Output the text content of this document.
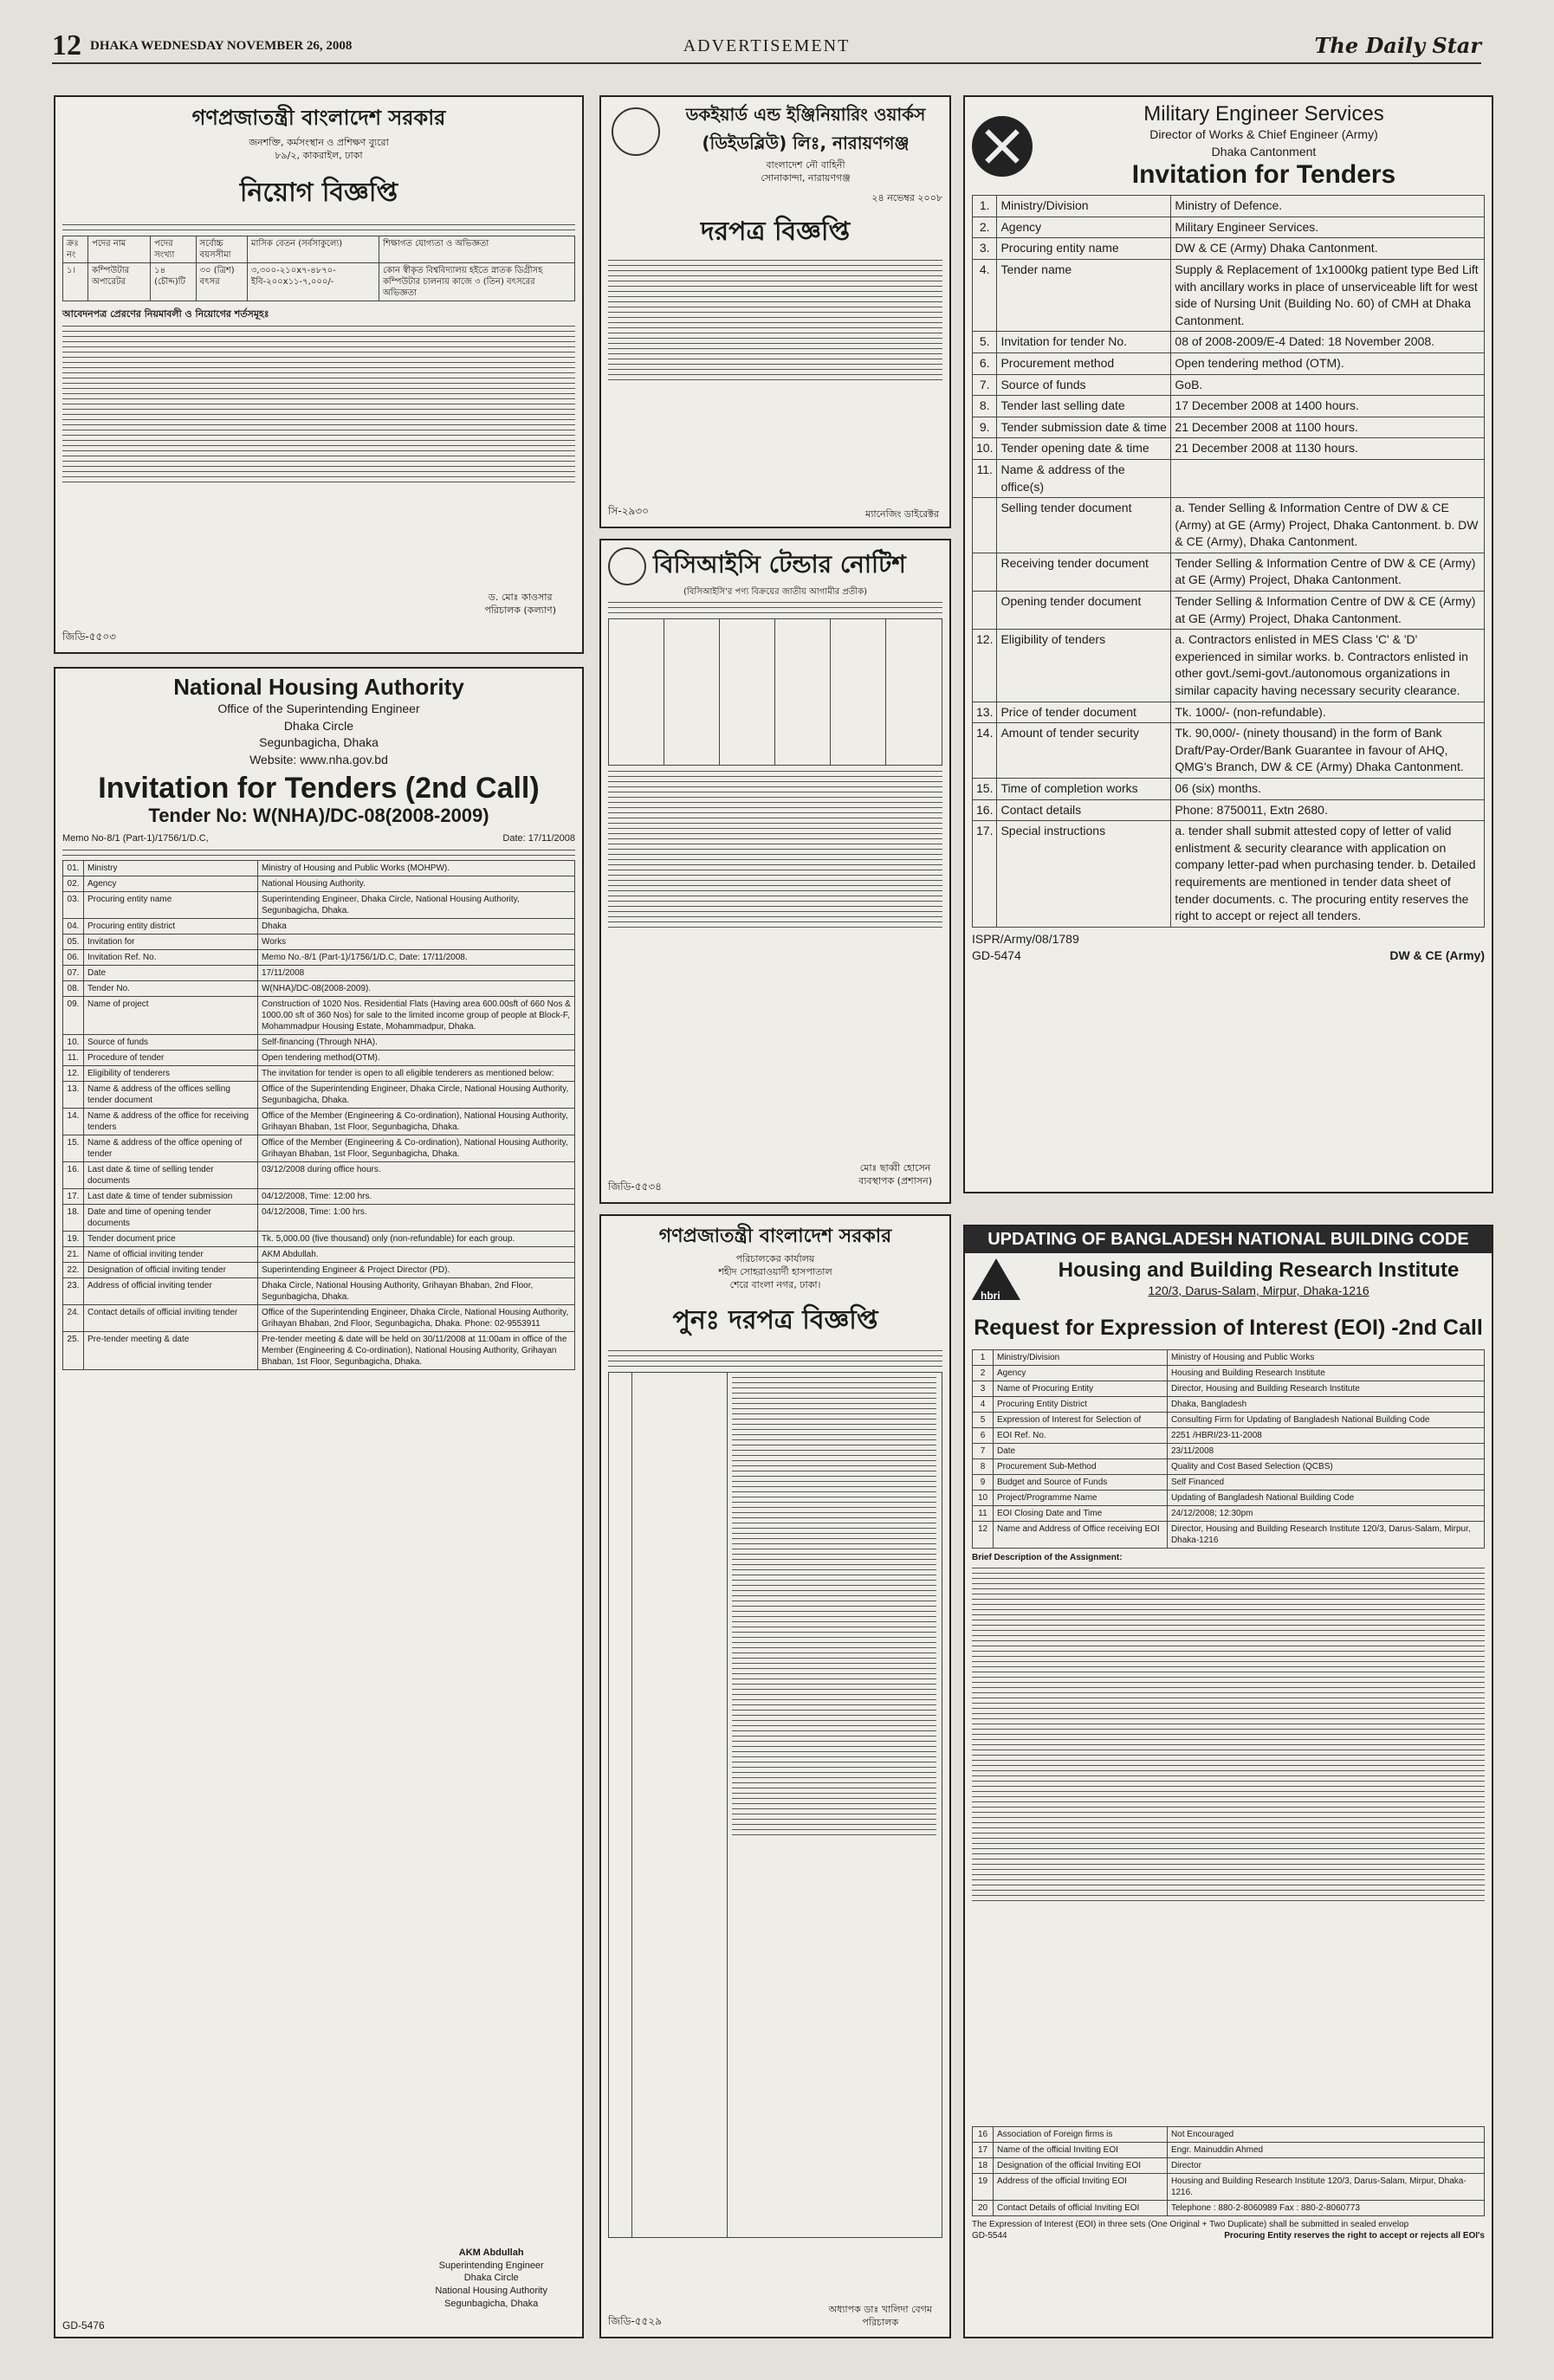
12 DHAKA WEDNESDAY NOVEMBER 26, 2008	ADVERTISEMENT	The Daily Star
গণপ্রজাতন্ত্রী বাংলাদেশ সরকার
জনশক্তি, কর্মসংস্থান ও প্রশিক্ষণ ব্যুরো
৮৯/২, কাকরাইল, ঢাকা
নিয়োগ বিজ্ঞপ্তি
ক্রঃ নং	পদের নাম	পদের সংখ্যা	সর্বোচ্চ বয়সসীমা	মাসিক বেতন (সর্বসাকুল্যে)	শিক্ষাগত যোগ্যতা ও অভিজ্ঞতা
১।	কম্পিউটার অপারেটর	১৪ (চৌদ্দ)টি	৩০ (ত্রিশ) বৎসর	৩,৩০০-২১০x৭-৪৮৭০-ইবি-২০০x১১-৭,০০০/-	কোন স্বীকৃত বিশ্ববিদ্যালয় হইতে স্নাতক ডিগ্রীসহ কম্পিউটার চালনায় কাজে ৩ (তিন) বৎসরের অভিজ্ঞতা
আবেদনপত্র প্রেরণের নিয়মাবলী ও নিয়োগের শর্তসমূহঃ
ড. মোঃ কাওসার
পরিচালক (কল্যাণ)
জিডি-৫৫০৩
National Housing Authority
Office of the Superintending Engineer
Dhaka Circle
Segunbagicha, Dhaka
Website: www.nha.gov.bd
Invitation for Tenders (2nd Call)
Tender No: W(NHA)/DC-08(2008-2009)
Memo No-8/1 (Part-1)/1756/1/D.C,	Date: 17/11/2008
01.	Ministry	Ministry of Housing and Public Works (MOHPW).
02.	Agency	National Housing Authority.
03.	Procuring entity name	Superintending Engineer, Dhaka Circle, National Housing Authority, Segunbagicha, Dhaka.
04.	Procuring entity district	Dhaka
05.	Invitation for	Works
06.	Invitation Ref. No.	Memo No.-8/1 (Part-1)/1756/1/D.C, Date: 17/11/2008.
07.	Date	17/11/2008
08.	Tender No.	W(NHA)/DC-08(2008-2009).
09.	Name of project	Construction of 1020 Nos. Residential Flats (Having area 600.00sft of 660 Nos & 1000.00 sft of 360 Nos) for sale to the limited income group of people at Block-F, Mohammadpur Housing Estate, Mohammadpur, Dhaka.
10.	Source of funds	Self-financing (Through NHA).
11.	Procedure of tender	Open tendering method(OTM).
12.	Eligibility of tenderers	The invitation for tender is open to all eligible tenderers as mentioned below:
13.	Name & address of the offices selling tender document	Office of the Superintending Engineer, Dhaka Circle, National Housing Authority, Segunbagicha, Dhaka.
14.	Name & address of the office for receiving tenders	Office of the Member (Engineering & Co-ordination), National Housing Authority, Grihayan Bhaban, 1st Floor, Segunbagicha, Dhaka.
15.	Name & address of the office opening of tender	Office of the Member (Engineering & Co-ordination), National Housing Authority, Grihayan Bhaban, 1st Floor, Segunbagicha, Dhaka.
16.	Last date & time of selling tender documents	03/12/2008 during office hours.
17.	Last date & time of tender submission	04/12/2008, Time: 12:00 hrs.
18.	Date and time of opening tender documents	04/12/2008, Time: 1:00 hrs.
19.	Tender document price	Tk. 5,000.00 (five thousand) only (non-refundable) for each group.
21.	Name of official inviting tender	AKM Abdullah.
22.	Designation of official inviting tender	Superintending Engineer & Project Director (PD).
23.	Address of official inviting tender	Dhaka Circle, National Housing Authority, Grihayan Bhaban, 2nd Floor, Segunbagicha, Dhaka.
24.	Contact details of official inviting tender	Office of the Superintending Engineer, Dhaka Circle, National Housing Authority, Grihayan Bhaban, 2nd Floor, Segunbagicha, Dhaka. Phone: 02-9553911
25.	Pre-tender meeting & date	Pre-tender meeting & date will be held on 30/11/2008 at 11:00am in office of the Member (Engineering & Co-ordination), National Housing Authority, Grihayan Bhaban, 1st Floor, Segunbagicha, Dhaka.
AKM Abdullah
Superintending Engineer
Dhaka Circle
National Housing Authority
Segunbagicha, Dhaka
GD-5476
ডকইয়ার্ড এন্ড ইঞ্জিনিয়ারিং ওয়ার্কস
(ডিইডব্লিউ) লিঃ, নারায়ণগঞ্জ
বাংলাদেশ নৌ বাহিনী
সোনাকান্দা, নারায়ণগঞ্জ
২৪ নভেম্বর ২০০৮
দরপত্র বিজ্ঞপ্তি
ম্যানেজিং ডাইরেক্টর
সি-২৯৩০
বিসিআইসি টেন্ডার নোটিশ
(বিসিআইসি'র পণ্য বিক্রয়ের জাতীয় আগামীর প্রতীক)
মোঃ ছাব্বী হোসেন
ব্যবস্থাপক (প্রশাসন)
জিডি-৫৫৩৪
গণপ্রজাতন্ত্রী বাংলাদেশ সরকার
পরিচালকের কার্যালয়
শহীদ সোহরাওয়ার্দী হাসপাতাল
শেরে বাংলা নগর, ঢাকা।
পুনঃ দরপত্র বিজ্ঞপ্তি
অধ্যাপক ডাঃ খালিদা বেগম
পরিচালক
জিডি-৫৫২৯
Military Engineer Services
Director of Works & Chief Engineer (Army)
Dhaka Cantonment
Invitation for Tenders
1.	Ministry/Division	Ministry of Defence.
2.	Agency	Military Engineer Services.
3.	Procuring entity name	DW & CE (Army) Dhaka Cantonment.
4.	Tender name	Supply & Replacement of 1x1000kg patient type Bed Lift with ancillary works in place of unserviceable lift for west side of Nursing Unit (Building No. 60) of CMH at Dhaka Cantonment.
5.	Invitation for tender No.	08 of 2008-2009/E-4 Dated: 18 November 2008.
6.	Procurement method	Open tendering method (OTM).
7.	Source of funds	GoB.
8.	Tender last selling date	17 December 2008 at 1400 hours.
9.	Tender submission date & time	21 December 2008 at 1100 hours.
10.	Tender opening date & time	21 December 2008 at 1130 hours.
11.	Name & address of the office(s)	
	Selling tender document	a. Tender Selling & Information Centre of DW & CE (Army) at GE (Army) Project, Dhaka Cantonment. b. DW & CE (Army), Dhaka Cantonment.
	Receiving tender document	Tender Selling & Information Centre of DW & CE (Army) at GE (Army) Project, Dhaka Cantonment.
	Opening tender document	Tender Selling & Information Centre of DW & CE (Army) at GE (Army) Project, Dhaka Cantonment.
12.	Eligibility of tenders	a. Contractors enlisted in MES Class 'C' & 'D' experienced in similar works. b. Contractors enlisted in other govt./semi-govt./autonomous organizations in similar capacity having necessary security clearance.
13.	Price of tender document	Tk. 1000/- (non-refundable).
14.	Amount of tender security	Tk. 90,000/- (ninety thousand) in the form of Bank Draft/Pay-Order/Bank Guarantee in favour of AHQ, QMG's Branch, DW & CE (Army) Dhaka Cantonment.
15.	Time of completion works	06 (six) months.
16.	Contact details	Phone: 8750011, Extn 2680.
17.	Special instructions	a. tender shall submit attested copy of letter of valid enlistment & security clearance with application on company letter-pad when purchasing tender. b. Detailed requirements are mentioned in tender data sheet of tender documents. c. The procuring entity reserves the right to accept or reject all tenders.
ISPR/Army/08/1789
GD-5474	DW & CE (Army)
UPDATING OF BANGLADESH NATIONAL BUILDING CODE
hbri
Housing and Building Research Institute
120/3, Darus-Salam, Mirpur, Dhaka-1216
Request for Expression of Interest (EOI) -2nd Call
1	Ministry/Division	Ministry of Housing and Public Works
2	Agency	Housing and Building Research Institute
3	Name of Procuring Entity	Director, Housing and Building Research Institute
4	Procuring Entity District	Dhaka, Bangladesh
5	Expression of Interest for Selection of	Consulting Firm for Updating of Bangladesh National Building Code
6	EOI Ref. No.	2251 /HBRI/23-11-2008
7	Date	23/11/2008
8	Procurement Sub-Method	Quality and Cost Based Selection (QCBS)
9	Budget and Source of Funds	Self Financed
10	Project/Programme Name	Updating of Bangladesh National Building Code
11	EOI Closing Date and Time	24/12/2008; 12:30pm
12	Name and Address of Office receiving EOI	Director, Housing and Building Research Institute 120/3, Darus-Salam, Mirpur, Dhaka-1216
Brief Description of the Assignment:
16	Association of Foreign firms is	Not Encouraged
17	Name of the official Inviting EOI	Engr. Mainuddin Ahmed
18	Designation of the official Inviting EOI	Director
19	Address of the official Inviting EOI	Housing and Building Research Institute 120/3, Darus-Salam, Mirpur, Dhaka-1216.
20	Contact Details of official Inviting EOI	Telephone : 880-2-8060989 Fax : 880-2-8060773
The Expression of Interest (EOI) in three sets (One Original + Two Duplicate) shall be submitted in sealed envelop
GD-5544	Procuring Entity reserves the right to accept or rejects all EOI's
